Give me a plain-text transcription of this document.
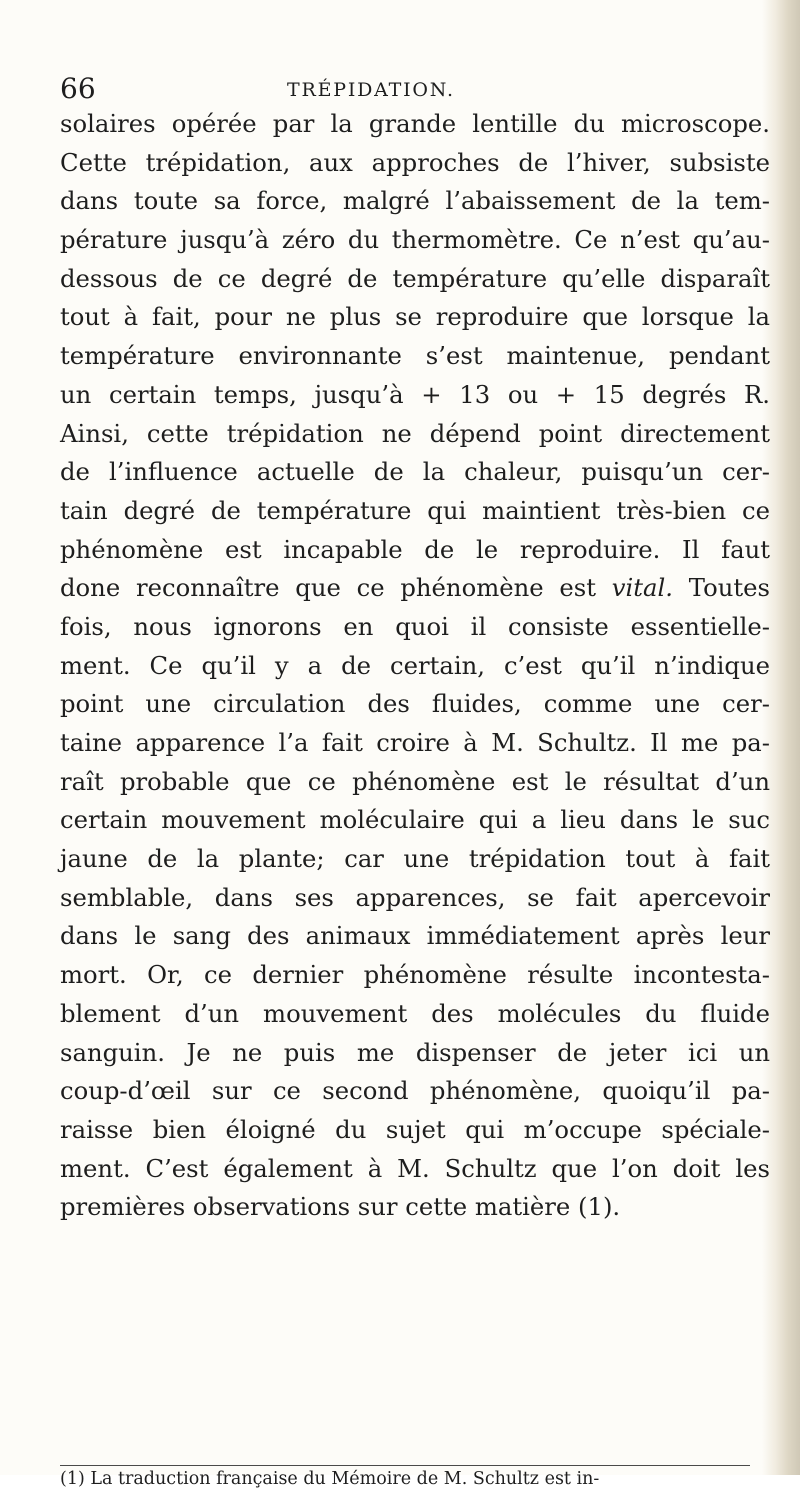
66	TRÉPIDATION.
solaires opérée par la grande lentille du microscope.
Cette trépidation, aux approches de l’hiver, subsiste
dans toute sa force, malgré l’abaissement de la tem-
pérature jusqu’à zéro du thermomètre. Ce n’est qu’au-
dessous de ce degré de température qu’elle disparaît
tout à fait, pour ne plus se reproduire que lorsque la
température environnante s’est maintenue, pendant
un certain temps, jusqu’à + 13 ou + 15 degrés R.
Ainsi, cette trépidation ne dépend point directement
de l’influence actuelle de la chaleur, puisqu’un cer-
tain degré de température qui maintient très-bien ce
phénomène est incapable de le reproduire. Il faut
done reconnaître que ce phénomène est vital. Toutes
fois, nous ignorons en quoi il consiste essentielle-
ment. Ce qu’il y a de certain, c’est qu’il n’indique
point une circulation des fluides, comme une cer-
taine apparence l’a fait croire à M. Schultz. Il me pa-
raît probable que ce phénomène est le résultat d’un
certain mouvement moléculaire qui a lieu dans le suc
jaune de la plante; car une trépidation tout à fait
semblable, dans ses apparences, se fait apercevoir
dans le sang des animaux immédiatement après leur
mort. Or, ce dernier phénomène résulte incontesta-
blement d’un mouvement des molécules du fluide
sanguin. Je ne puis me dispenser de jeter ici un
coup-d’œil sur ce second phénomène, quoiqu’il pa-
raisse bien éloigné du sujet qui m’occupe spéciale-
ment. C’est également à M. Schultz que l’on doit les
premières observations sur cette matière (1).
(1) La traduction française du Mémoire de M. Schultz est in-
